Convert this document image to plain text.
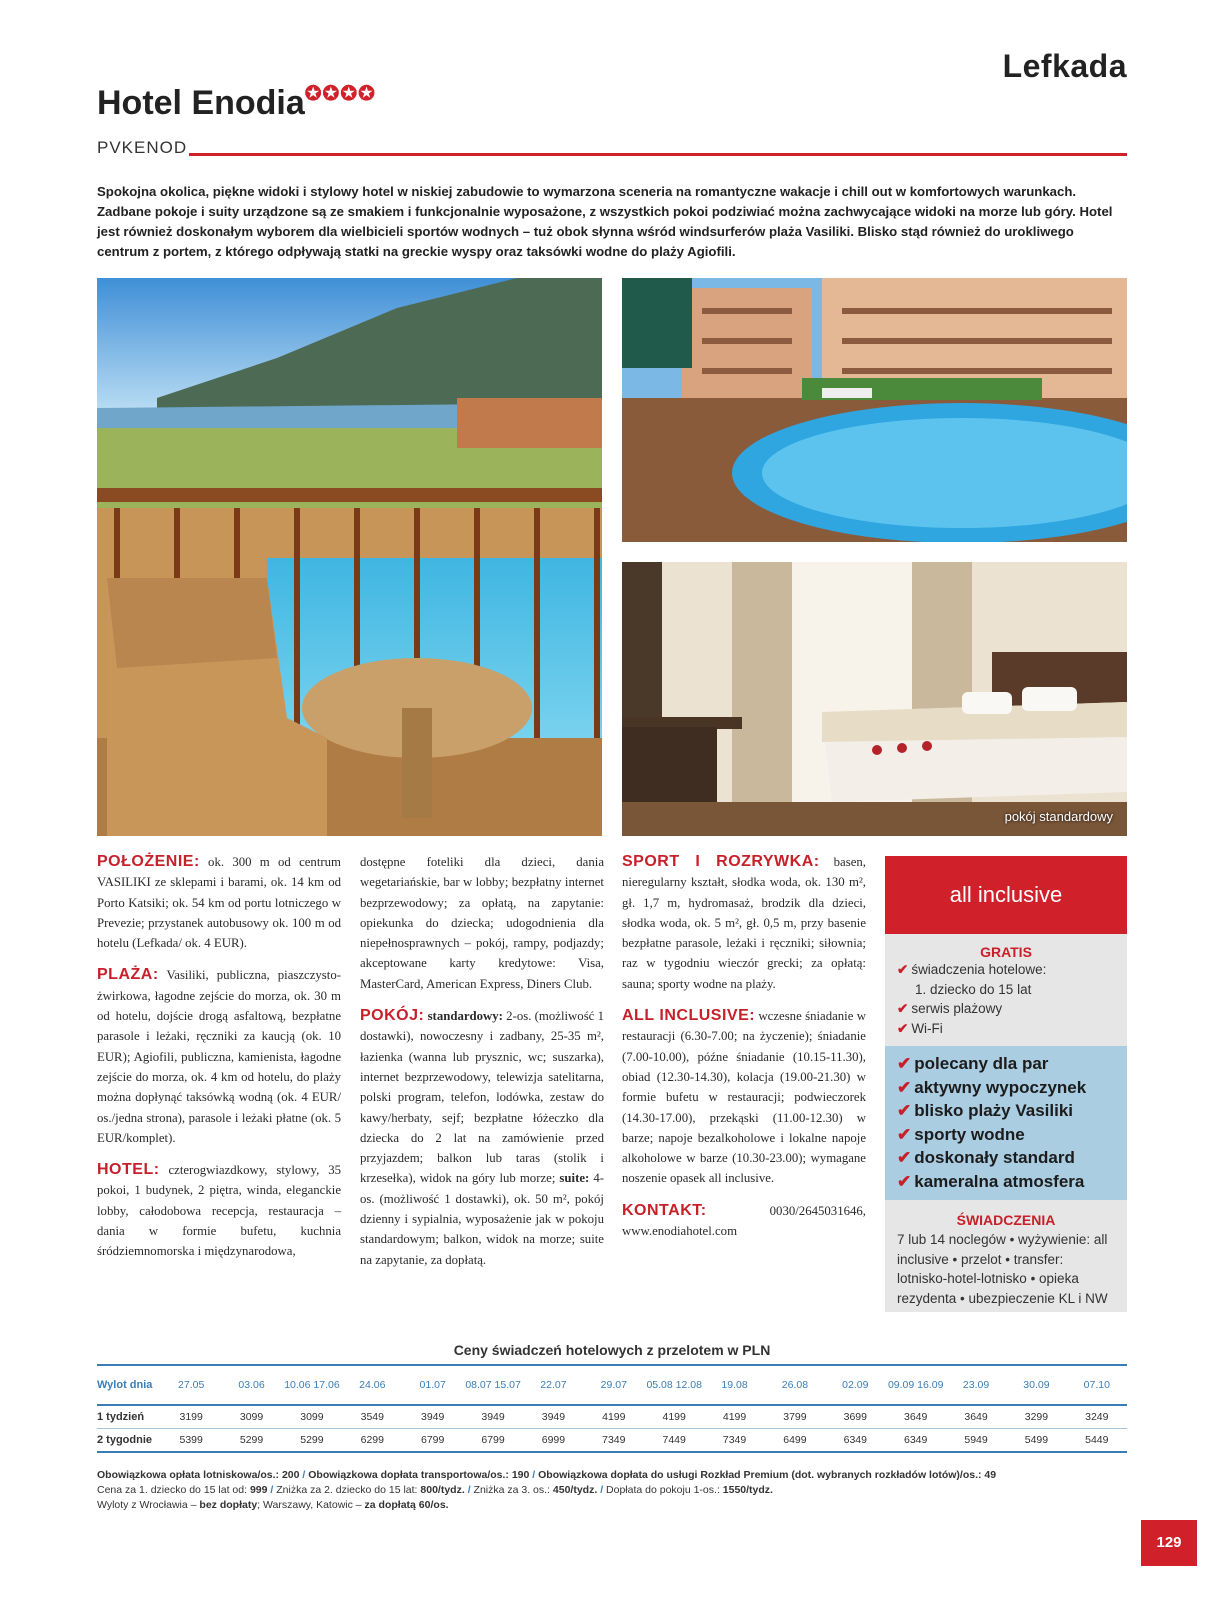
Lefkada
Hotel Enodia✪✪✪✪
PVKENOD
Spokojna okolica, piękne widoki i stylowy hotel w niskiej zabudowie to wymarzona sceneria na romantyczne wakacje i chill out w komfortowych warunkach. Zadbane pokoje i suity urządzone są ze smakiem i funkcjonalnie wyposażone, z wszystkich pokoi podziwiać można zachwycające widoki na morze lub góry. Hotel jest również doskonałym wyborem dla wielbicieli sportów wodnych – tuż obok słynna wśród windsurferów plaża Vasiliki. Blisko stąd również do urokliwego centrum z portem, z którego odpływają statki na greckie wyspy oraz taksówki wodne do plaży Agiofili.
pokój standardowy

POŁOŻENIE: ok. 300 m od centrum VASILIKI ze sklepami i barami, ok. 14 km od Porto Katsiki; ok. 54 km od portu lotniczego w Prevezie; przystanek autobusowy ok. 100 m od hotelu (Lefkada/ ok. 4 EUR).

PLAŻA: Vasiliki, publiczna, piaszczysto-żwirkowa, łagodne zejście do morza, ok. 30 m od hotelu, dojście drogą asfaltową, bezpłatne parasole i leżaki, ręczniki za kaucją (ok. 10 EUR); Agiofili, publiczna, kamienista, łagodne zejście do morza, ok. 4 km od hotelu, do plaży można dopłynąć taksówką wodną (ok. 4 EUR/ os./jedna strona), parasole i leżaki płatne (ok. 5 EUR/komplet).

HOTEL: czterogwiazdkowy, stylowy, 35 pokoi, 1 budynek, 2 piętra, winda, eleganckie lobby, całodobowa recepcja, restauracja – dania w formie bufetu, kuchnia śródziemnomorska i międzynarodowa,

dostępne foteliki dla dzieci, dania wegetariańskie, bar w lobby; bezpłatny internet bezprzewodowy; za opłatą, na zapytanie: opiekunka do dziecka; udogodnienia dla niepełnosprawnych – pokój, rampy, podjazdy; akceptowane karty kredytowe: Visa, MasterCard, American Express, Diners Club.

POKÓJ: standardowy: 2-os. (możliwość 1 dostawki), nowoczesny i zadbany, 25-35 m², łazienka (wanna lub prysznic, wc; suszarka), internet bezprzewodowy, telewizja satelitarna, polski program, telefon, lodówka, zestaw do kawy/herbaty, sejf; bezpłatne łóżeczko dla dziecka do 2 lat na zamówienie przed przyjazdem; balkon lub taras (stolik i krzesełka), widok na góry lub morze; suite: 4-os. (możliwość 1 dostawki), ok. 50 m², pokój dzienny i sypialnia, wyposażenie jak w pokoju standardowym; balkon, widok na morze; suite na zapytanie, za dopłatą.

SPORT I ROZRYWKA: basen, nieregularny kształt, słodka woda, ok. 130 m², gł. 1,7 m, hydromasaż, brodzik dla dzieci, słodka woda, ok. 5 m², gł. 0,5 m, przy basenie bezpłatne parasole, leżaki i ręczniki; siłownia; raz w tygodniu wieczór grecki; za opłatą: sauna; sporty wodne na plaży.

ALL INCLUSIVE: wczesne śniadanie w restauracji (6.30-7.00; na życzenie); śniadanie (7.00-10.00), późne śniadanie (10.15-11.30), obiad (12.30-14.30), kolacja (19.00-21.30) w formie bufetu w restauracji; podwieczorek (14.30-17.00), przekąski (11.00-12.30) w barze; napoje bezalkoholowe i lokalne napoje alkoholowe w barze (10.30-23.00); wymagane noszenie opasek all inclusive.

KONTAKT: 0030/2645031646, www.enodiahotel.com

all inclusive
GRATIS
✔ świadczenia hotelowe:
1. dziecko do 15 lat
✔ serwis plażowy
✔ Wi-Fi
✔ polecany dla par
✔ aktywny wypoczynek
✔ blisko plaży Vasiliki
✔ sporty wodne
✔ doskonały standard
✔ kameralna atmosfera
ŚWIADCZENIA
7 lub 14 noclegów • wyżywienie: all inclusive • przelot • transfer: lotnisko-hotel-lotnisko • opieka rezydenta • ubezpieczenie KL i NW
Ceny świadczeń hotelowych z przelotem w PLN
Wylot dnia	27.05	03.06	10.06 17.06	24.06	01.07	08.07 15.07	22.07	29.07	05.08 12.08	19.08	26.08	02.09	09.09 16.09	23.09	30.09	07.10
1 tydzień	3199	3099	3099	3549	3949	3949	3949	4199	4199	4199	3799	3699	3649	3649	3299	3249
2 tygodnie	5399	5299	5299	6299	6799	6799	6999	7349	7449	7349	6499	6349	6349	5949	5499	5449
Obowiązkowa opłata lotniskowa/os.: 200 / Obowiązkowa dopłata transportowa/os.: 190 / Obowiązkowa dopłata do usługi Rozkład Premium (dot. wybranych rozkładów lotów)/os.: 49
Cena za 1. dziecko do 15 lat od: 999 / Zniżka za 2. dziecko do 15 lat: 800/tydz. / Zniżka za 3. os.: 450/tydz. / Dopłata do pokoju 1-os.: 1550/tydz.
Wyloty z Wrocławia – bez dopłaty; Warszawy, Katowic – za dopłatą 60/os.
129
